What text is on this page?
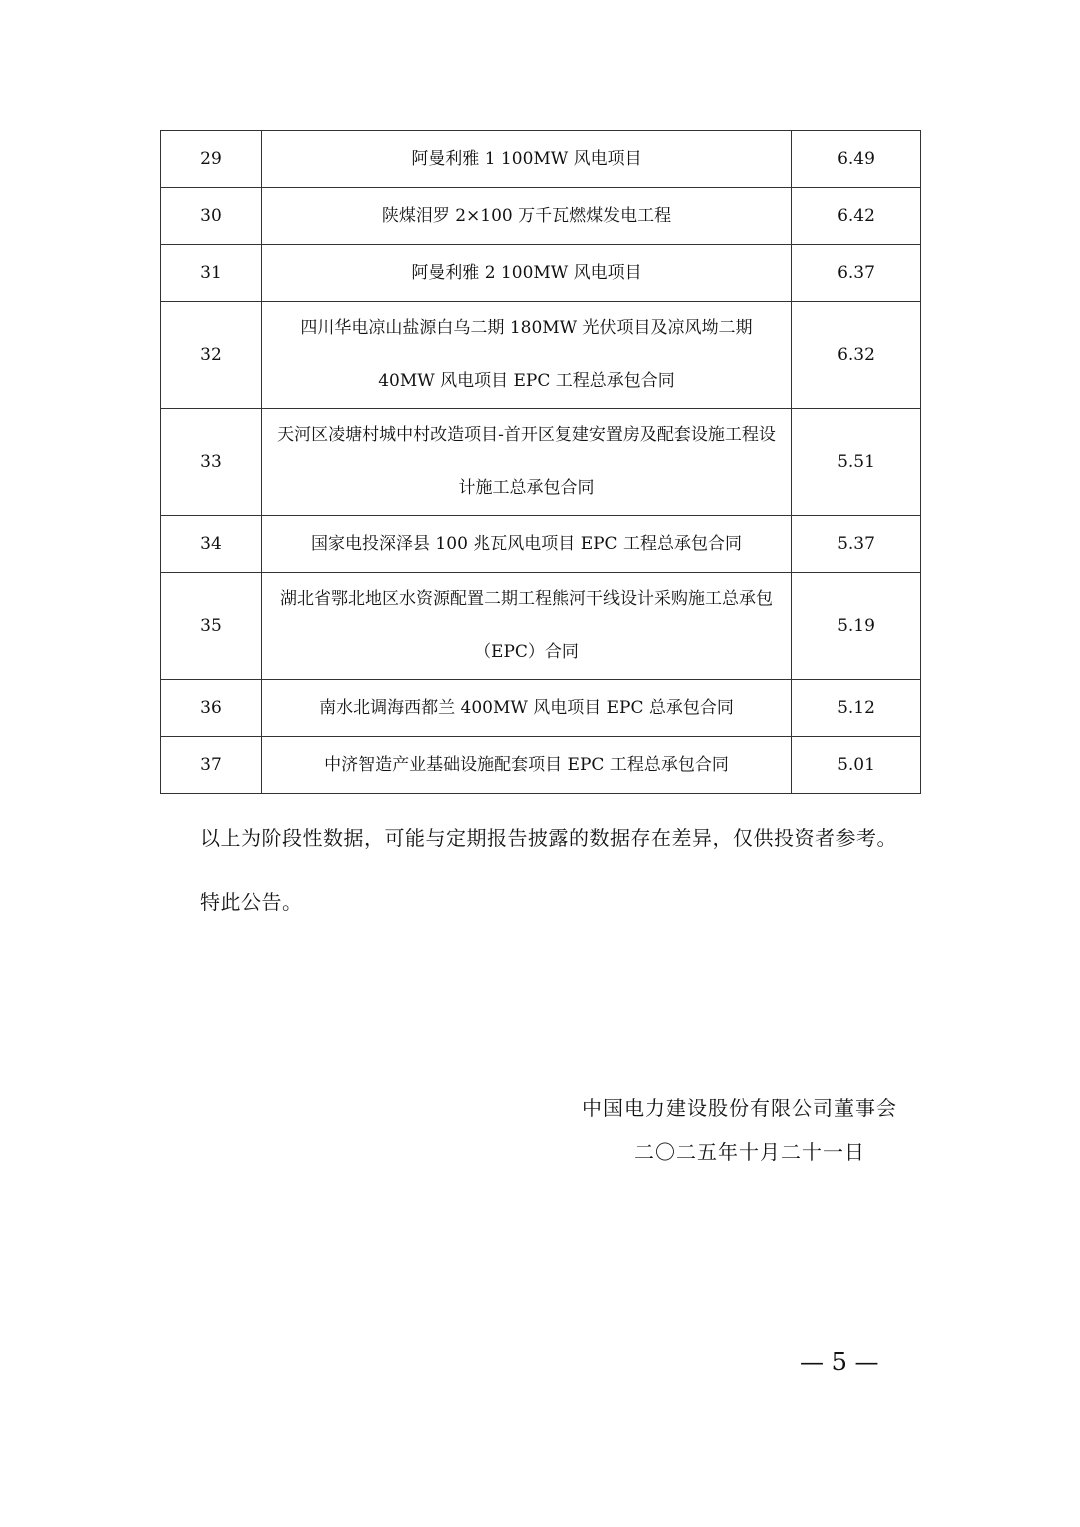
29	阿曼利雅 1 100MW 风电项目	6.49
30	陕煤泪罗 2×100 万千瓦燃煤发电工程	6.42
31	阿曼利雅 2 100MW 风电项目	6.37
32	四川华电凉山盐源白乌二期 180MW 光伏项目及凉风坳二期 40MW 风电项目 EPC 工程总承包合同	6.32
33	天河区凌塘村城中村改造项目-首开区复建安置房及配套设施工程设计施工总承包合同	5.51
34	国家电投深泽县 100 兆瓦风电项目 EPC 工程总承包合同	5.37
35	湖北省鄂北地区水资源配置二期工程熊河干线设计采购施工总承包（EPC）合同	5.19
36	南水北调海西都兰 400MW 风电项目 EPC 总承包合同	5.12
37	中济智造产业基础设施配套项目 EPC 工程总承包合同	5.01
以上为阶段性数据，可能与定期报告披露的数据存在差异，仅供投资者参考。
特此公告。
中国电力建设股份有限公司董事会
二〇二五年十月二十一日
— 5 —
